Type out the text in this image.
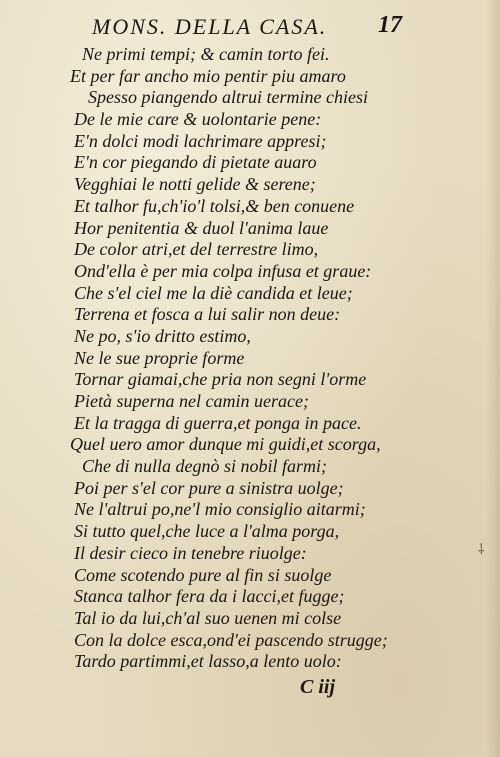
MONS. DELLA CASA.	17
Ne primi tempi; & camin torto fei.
Et per far ancho mio pentir piu amaro
Spesso piangendo altrui termine chiesi
De le mie care & uolontarie pene:
E'n dolci modi lachrimare appresi;
E'n cor piegando di pietate auaro
Vegghiai le notti gelide & serene;
Et talhor fu,ch'io'l tolsi,& ben conuene
Hor penitentia & duol l'anima laue
De color atri,et del terrestre limo,
Ond'ella è per mia colpa infusa et graue:
Che s'el ciel me la diè candida et leue;
Terrena et fosca a lui salir non deue:
Ne po, s'io dritto estimo,
Ne le sue proprie forme
Tornar giamai,che pria non segni l'orme
Pietà superna nel camin uerace;
Et la tragga di guerra,et ponga in pace.
Quel uero amor dunque mi guidi,et scorga,
Che di nulla degnò si nobil farmi;
Poi per s'el cor pure a sinistra uolge;
Ne l'altrui po,ne'l mio consiglio aitarmi;
Si tutto quel,che luce a l'alma porga,
Il desir cieco in tenebre riuolge:
Come scotendo pure al fin si suolge
Stanca talhor fera da i lacci,et fugge;
Tal io da lui,ch'al suo uenen mi colse
Con la dolce esca,ond'ei pascendo strugge;
Tardo partimmi,et lasso,a lento uolo:
C iij
⸸
